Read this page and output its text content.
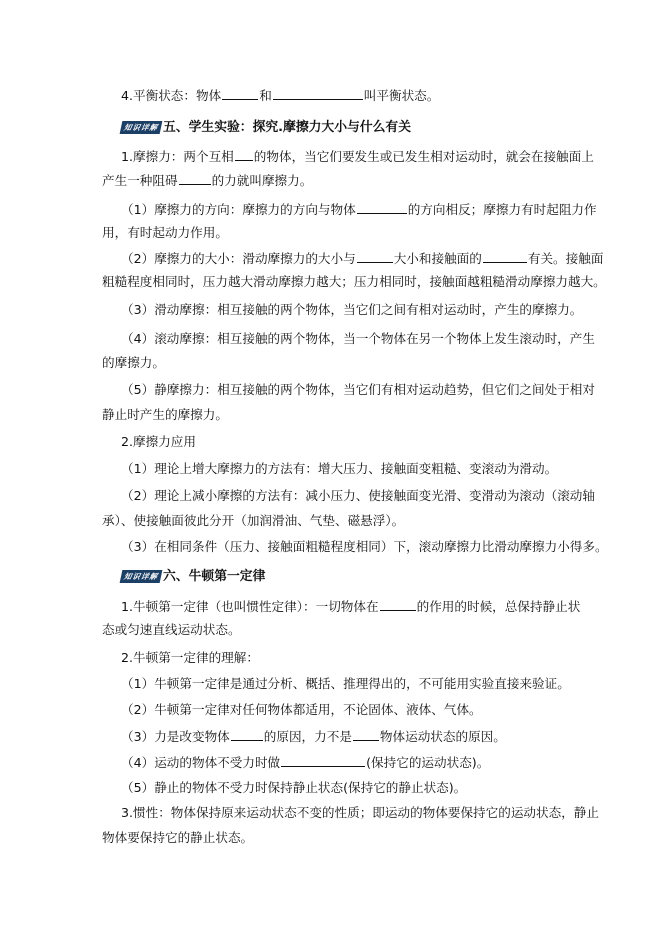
4.平衡状态：物体	和	叫平衡状态。
知识详解 五、学生实验：探究.摩擦力大小与什么有关
1.摩擦力：两个互相 的物体，当它们要发生或已发生相对运动时，就会在接触面上
产生一种阻碍	的力就叫摩擦力。
（1）摩擦力的方向：摩擦力的方向与物体	的方向相反；摩擦力有时起阻力作
用，有时起动力作用。
（2）摩擦力的大小：滑动摩擦力的大小与	大小和接触面的	有关。接触面
粗糙程度相同时，压力越大滑动摩擦力越大；压力相同时，接触面越粗糙滑动摩擦力越大。
（3）滑动摩擦：相互接触的两个物体，当它们之间有相对运动时，产生的摩擦力。
（4）滚动摩擦：相互接触的两个物体，当一个物体在另一个物体上发生滚动时，产生
的摩擦力。
（5）静摩擦力：相互接触的两个物体，当它们有相对运动趋势，但它们之间处于相对
静止时产生的摩擦力。
2.摩擦力应用
（1）理论上增大摩擦力的方法有：增大压力、接触面变粗糙、变滚动为滑动。
（2）理论上减小摩擦的方法有：减小压力、使接触面变光滑、变滑动为滚动（滚动轴
承）、使接触面彼此分开（加润滑油、气垫、磁悬浮）。
（3）在相同条件（压力、接触面粗糙程度相同）下，滚动摩擦力比滑动摩擦力小得多。
知识详解 六、牛顿第一定律
1.牛顿第一定律（也叫惯性定律）：一切物体在	的作用的时候，总保持静止状
态或匀速直线运动状态。
2.牛顿第一定律的理解：
（1）牛顿第一定律是通过分析、概括、推理得出的，不可能用实验直接来验证。
（2）牛顿第一定律对任何物体都适用，不论固体、液体、气体。
（3）力是改变物体	的原因，力不是 物体运动状态的原因。
（4）运动的物体不受力时做	(保持它的运动状态)。
（5）静止的物体不受力时保持静止状态(保持它的静止状态)。
3.惯性：物体保持原来运动状态不变的性质；即运动的物体要保持它的运动状态，静止
物体要保持它的静止状态。
